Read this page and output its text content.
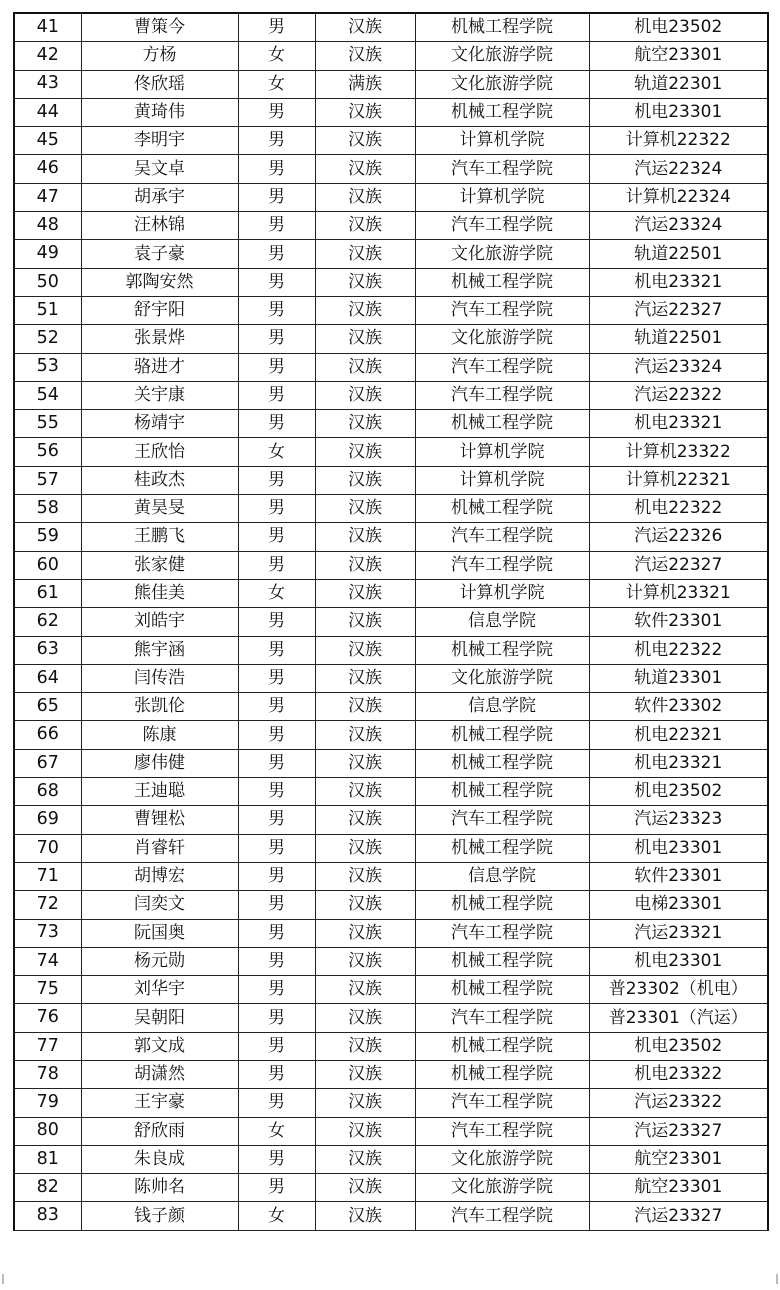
41	曹策今	男	汉族	机械工程学院	机电23502
42	方杨	女	汉族	文化旅游学院	航空23301
43	佟欣瑶	女	满族	文化旅游学院	轨道22301
44	黄琦伟	男	汉族	机械工程学院	机电23301
45	李明宇	男	汉族	计算机学院	计算机22322
46	吴文卓	男	汉族	汽车工程学院	汽运22324
47	胡承宇	男	汉族	计算机学院	计算机22324
48	汪林锦	男	汉族	汽车工程学院	汽运23324
49	袁子豪	男	汉族	文化旅游学院	轨道22501
50	郭陶安然	男	汉族	机械工程学院	机电23321
51	舒宇阳	男	汉族	汽车工程学院	汽运22327
52	张景烨	男	汉族	文化旅游学院	轨道22501
53	骆进才	男	汉族	汽车工程学院	汽运23324
54	关宇康	男	汉族	汽车工程学院	汽运22322
55	杨靖宇	男	汉族	机械工程学院	机电23321
56	王欣怡	女	汉族	计算机学院	计算机23322
57	桂政杰	男	汉族	计算机学院	计算机22321
58	黄昊旻	男	汉族	机械工程学院	机电22322
59	王鹏飞	男	汉族	汽车工程学院	汽运22326
60	张家健	男	汉族	汽车工程学院	汽运22327
61	熊佳美	女	汉族	计算机学院	计算机23321
62	刘皓宇	男	汉族	信息学院	软件23301
63	熊宇涵	男	汉族	机械工程学院	机电22322
64	闫传浩	男	汉族	文化旅游学院	轨道23301
65	张凯伦	男	汉族	信息学院	软件23302
66	陈康	男	汉族	机械工程学院	机电22321
67	廖伟健	男	汉族	机械工程学院	机电23321
68	王迪聪	男	汉族	机械工程学院	机电23502
69	曹锂松	男	汉族	汽车工程学院	汽运23323
70	肖睿轩	男	汉族	机械工程学院	机电23301
71	胡博宏	男	汉族	信息学院	软件23301
72	闫奕文	男	汉族	机械工程学院	电梯23301
73	阮国奥	男	汉族	汽车工程学院	汽运23321
74	杨元勋	男	汉族	机械工程学院	机电23301
75	刘华宇	男	汉族	机械工程学院	普23302（机电）
76	吴朝阳	男	汉族	汽车工程学院	普23301（汽运）
77	郭文成	男	汉族	机械工程学院	机电23502
78	胡潇然	男	汉族	机械工程学院	机电23322
79	王宇豪	男	汉族	汽车工程学院	汽运23322
80	舒欣雨	女	汉族	汽车工程学院	汽运23327
81	朱良成	男	汉族	文化旅游学院	航空23301
82	陈帅名	男	汉族	文化旅游学院	航空23301
83	钱子颜	女	汉族	汽车工程学院	汽运23327
